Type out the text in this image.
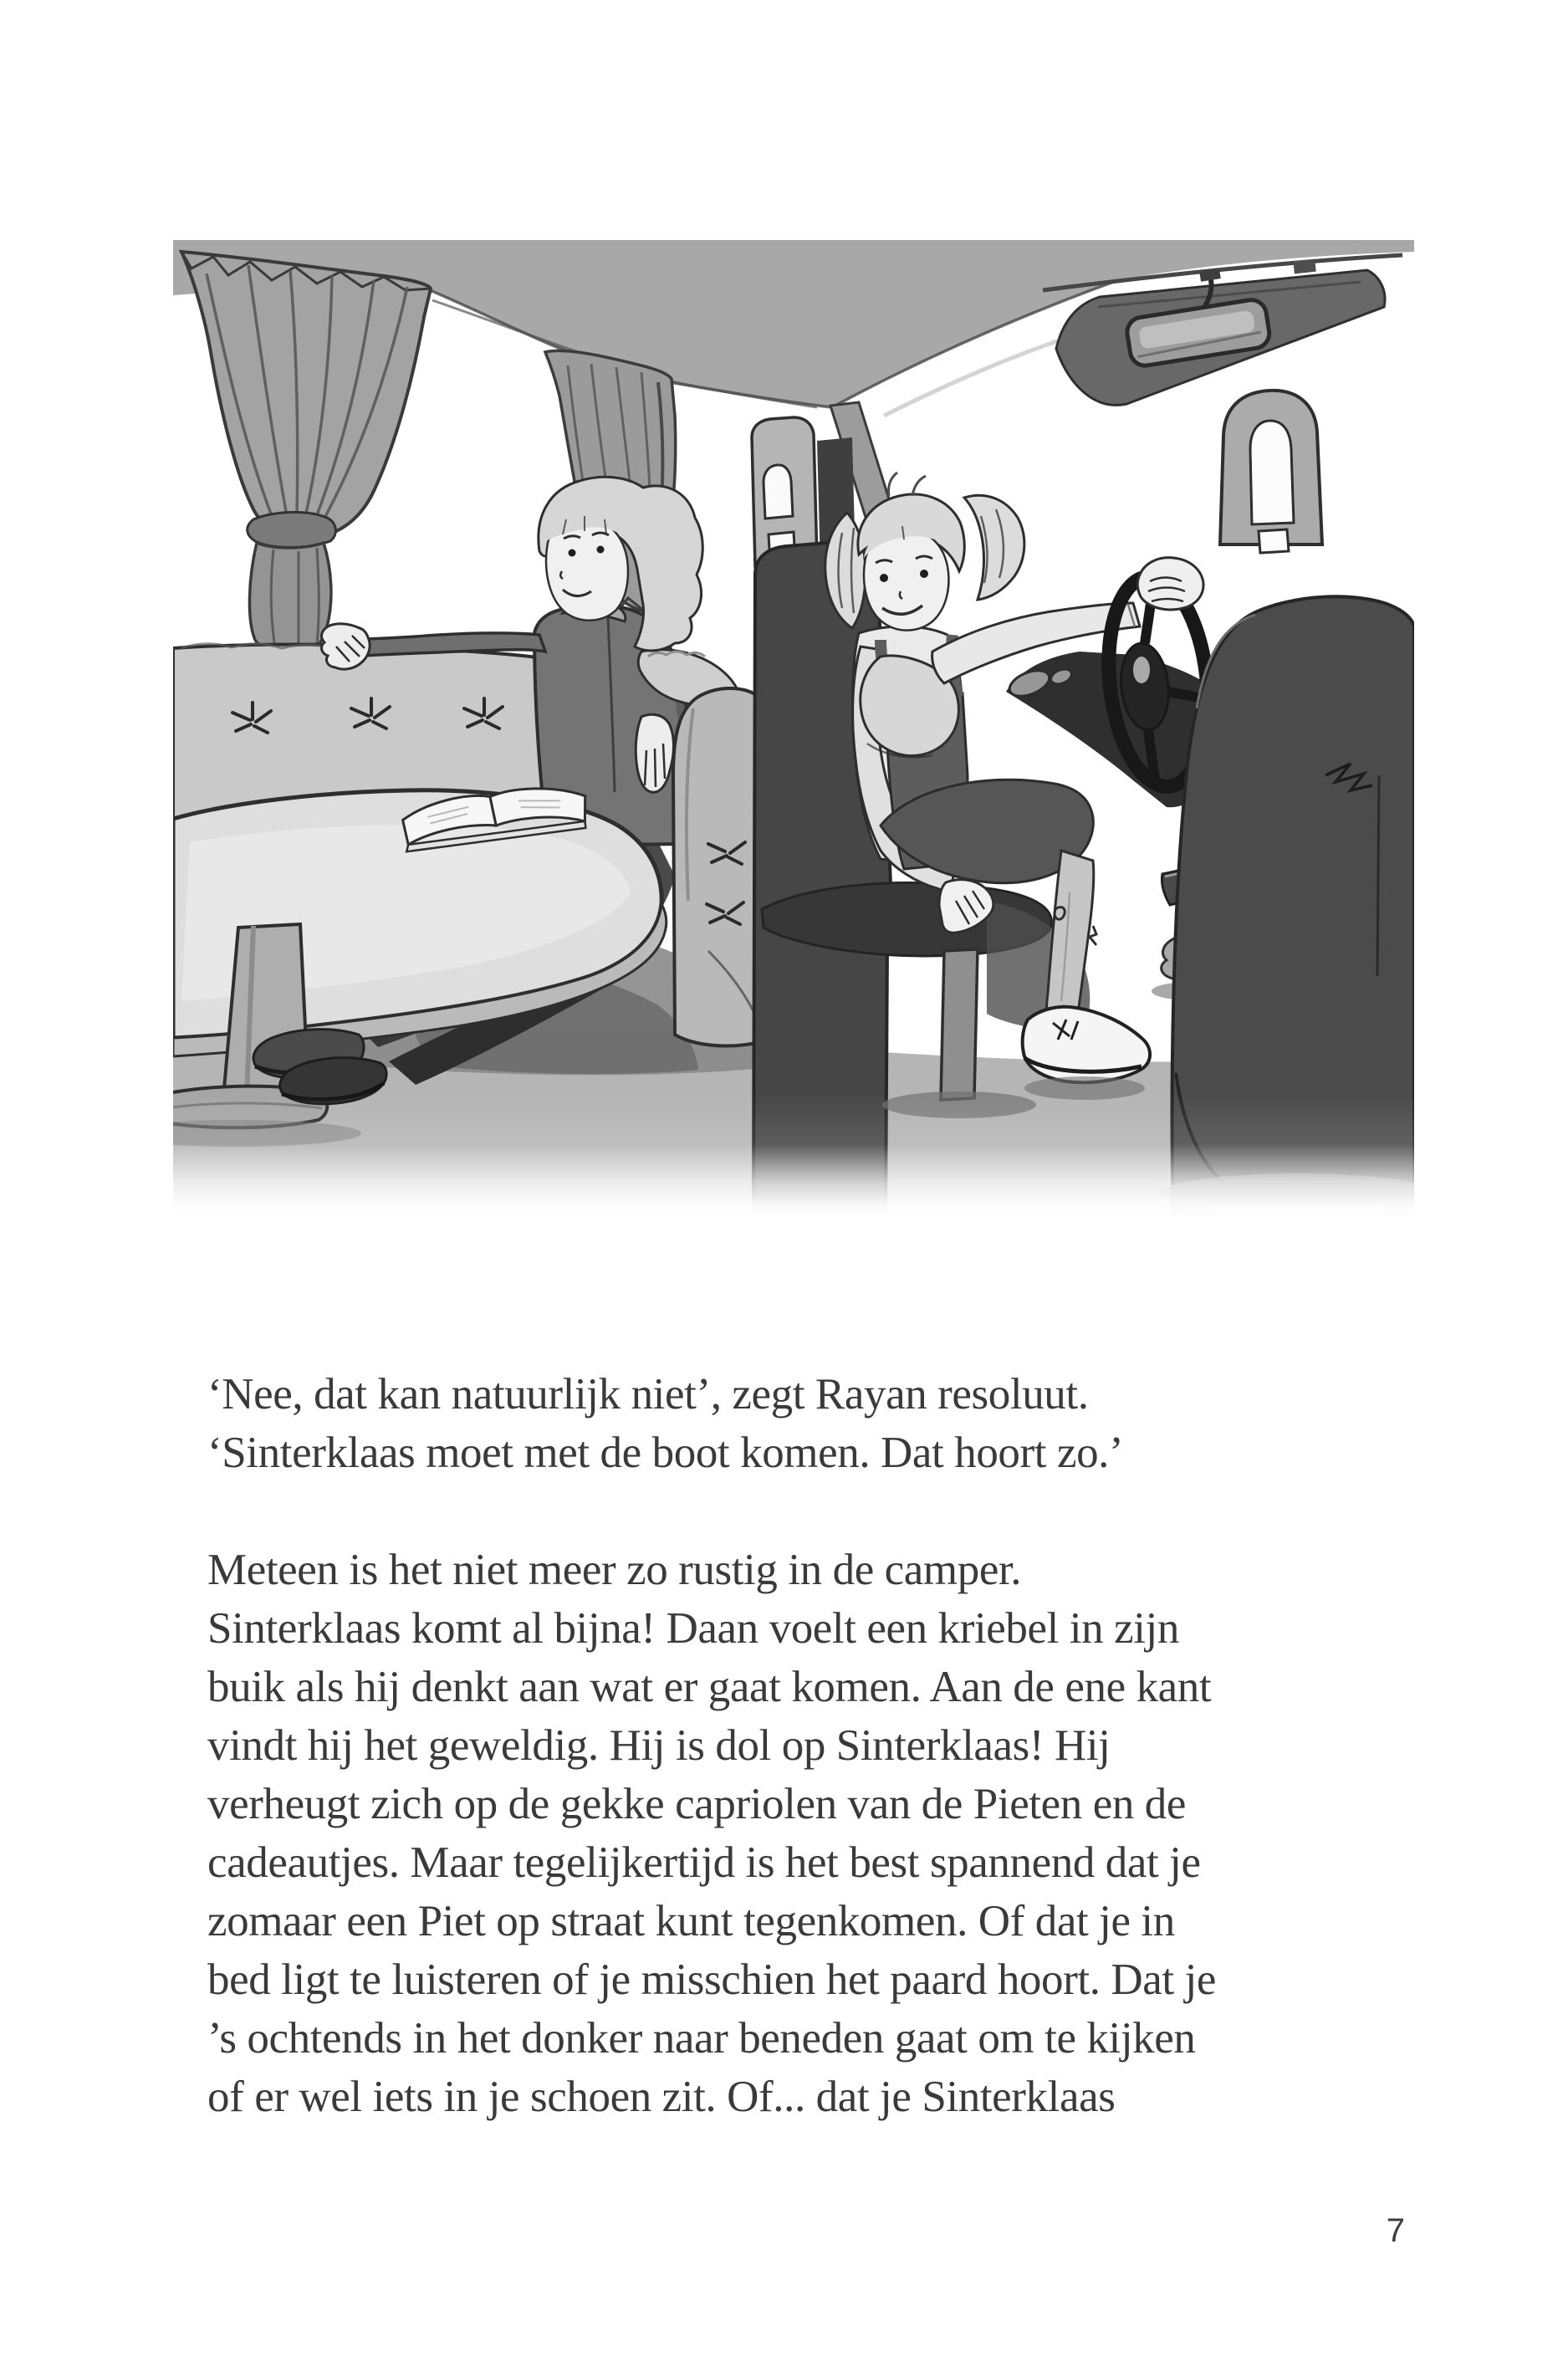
‘Nee, dat kan natuurlijk niet’, zegt Rayan resoluut.
‘Sinterklaas moet met de boot komen. Dat hoort zo.’

Meteen is het niet meer zo rustig in de camper.
Sinterklaas komt al bijna! Daan voelt een kriebel in zijn
buik als hij denkt aan wat er gaat komen. Aan de ene kant
vindt hij het geweldig. Hij is dol op Sinterklaas! Hij
verheugt zich op de gekke capriolen van de Pieten en de
cadeautjes. Maar tegelijkertijd is het best spannend dat je
zomaar een Piet op straat kunt tegenkomen. Of dat je in
bed ligt te luisteren of je misschien het paard hoort. Dat je
’s ochtends in het donker naar beneden gaat om te kijken
of er wel iets in je schoen zit. Of... dat je Sinterklaas

7
